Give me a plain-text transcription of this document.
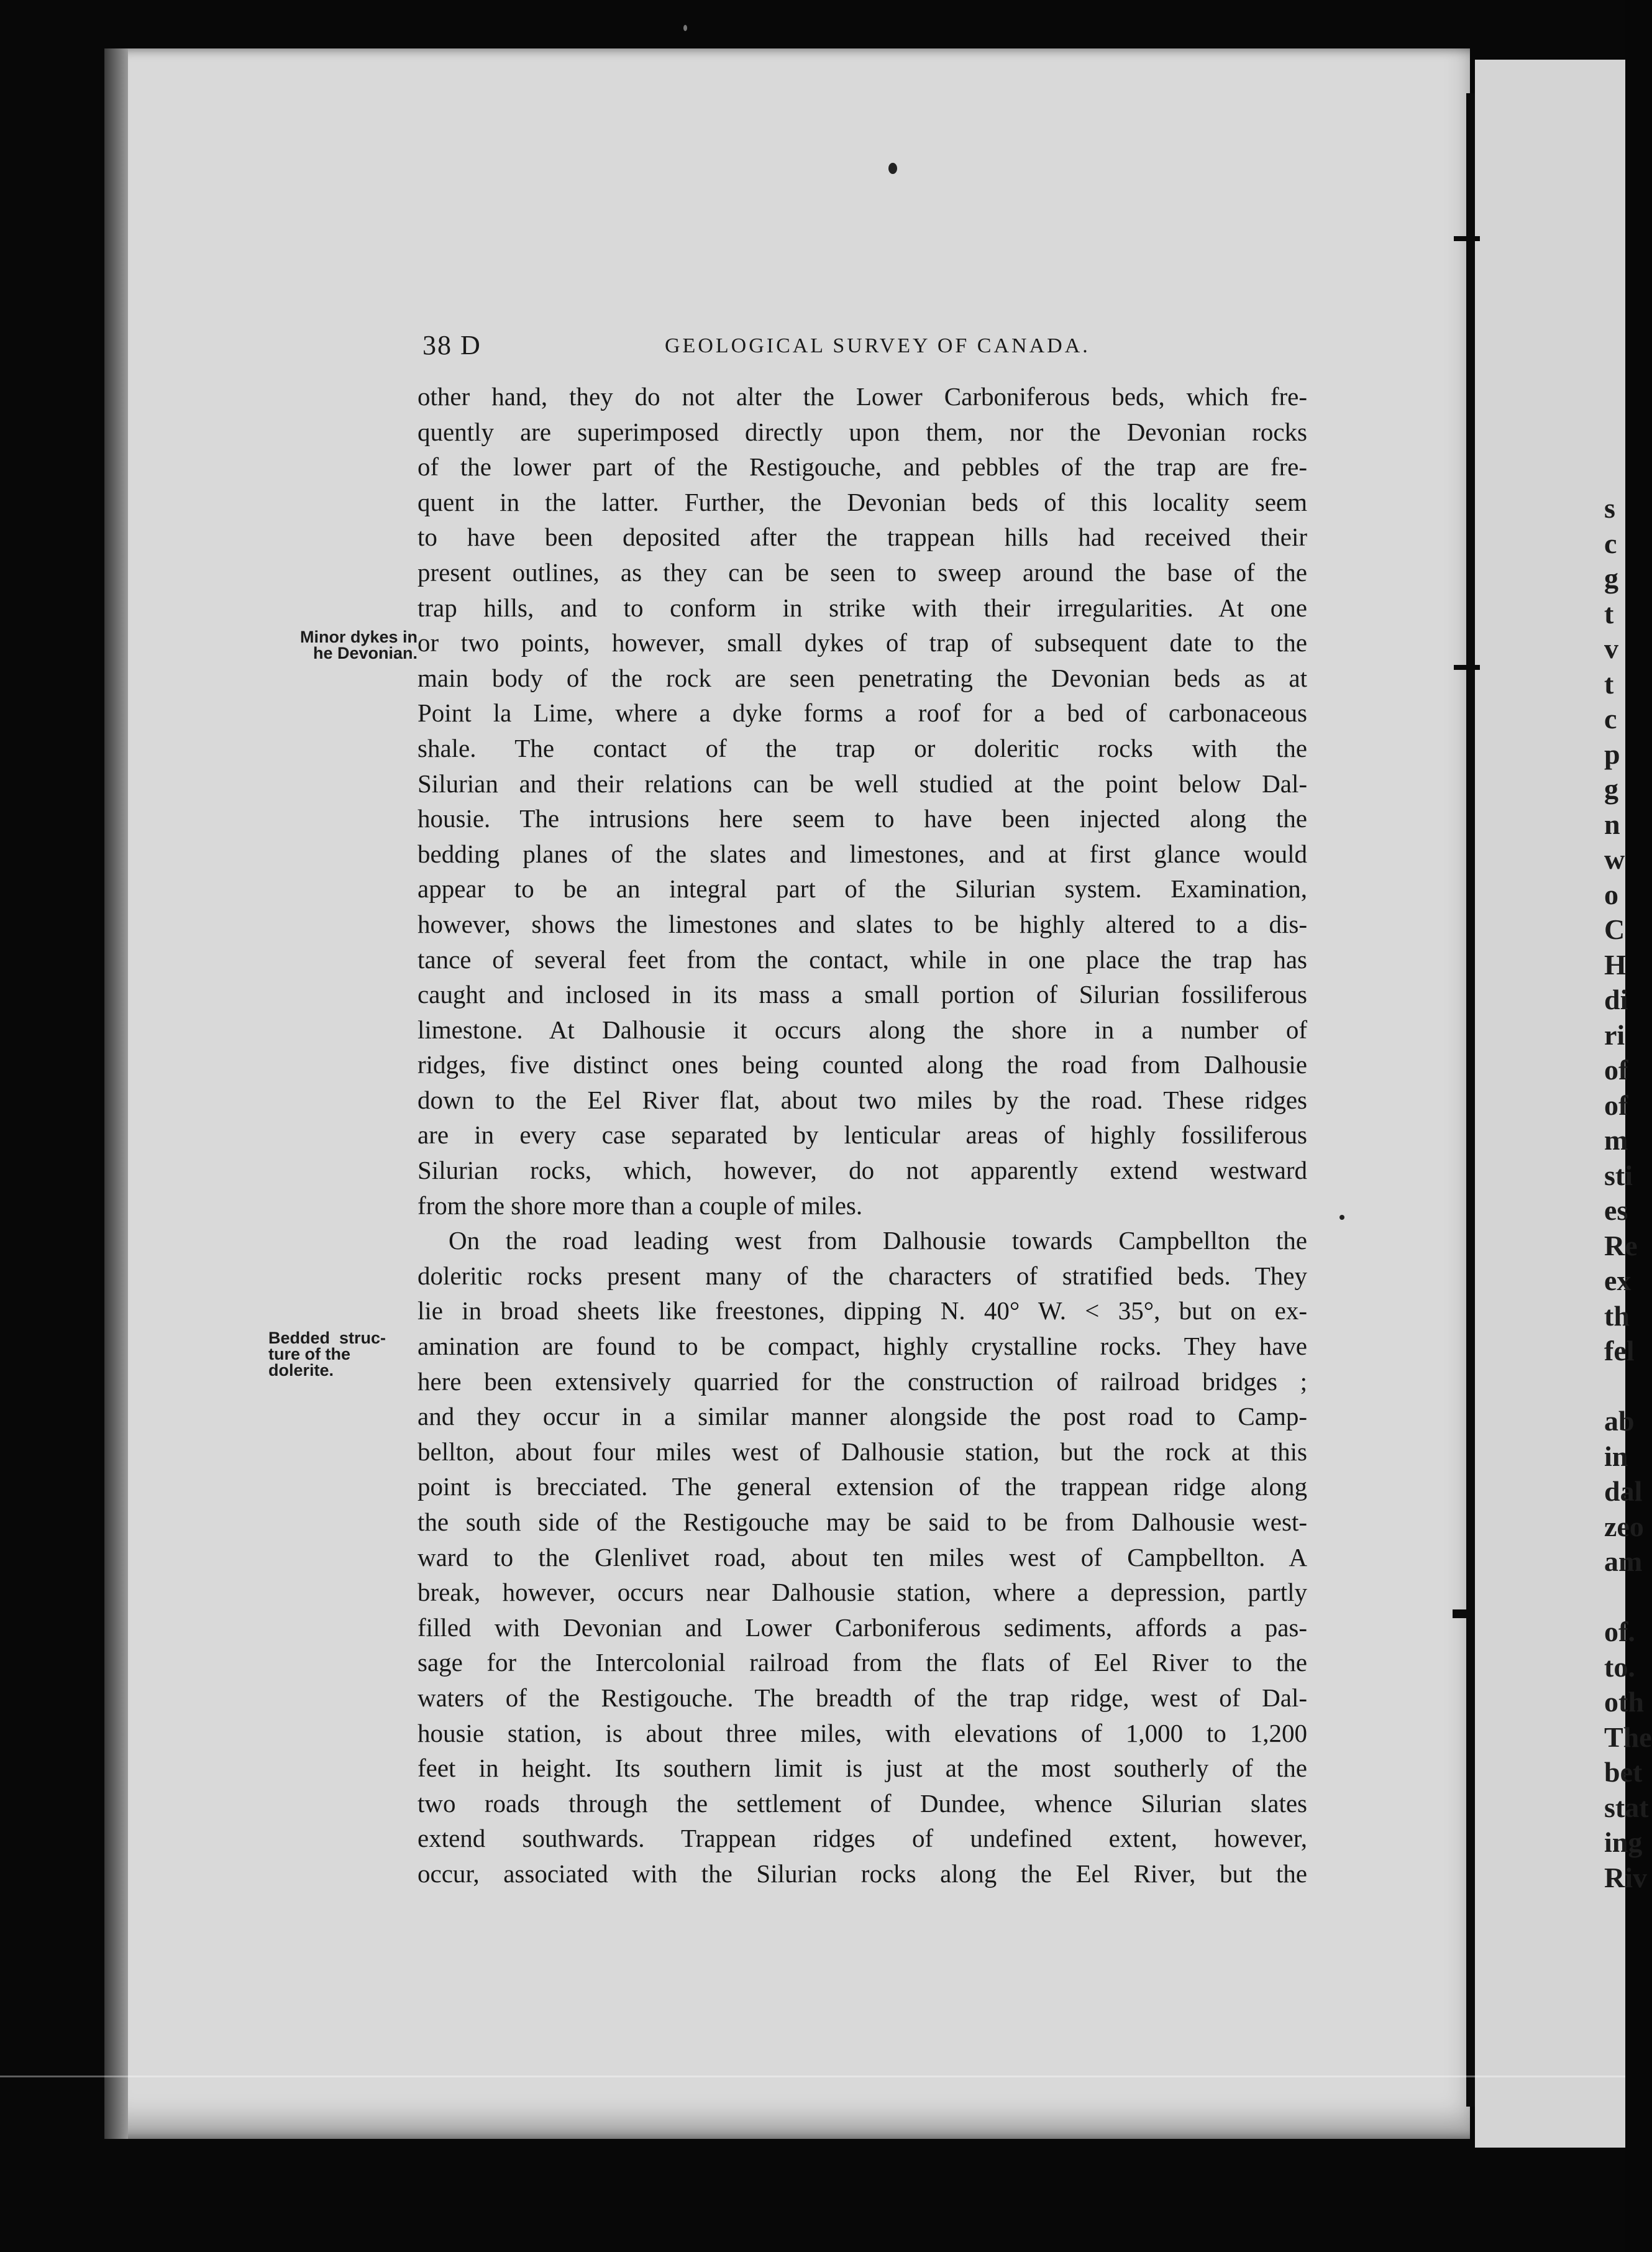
s
c
g
t
v
t
c
p
g
n
w
o
C
H
di
ri
of
of
m
sti
es
Re
ex
th
fel

ab
in
dal
zeo
am

of.
to.
oth
The
bet
stat
ing
Riv
38 D	GEOLOGICAL SURVEY OF CANADA.
Minor dykes in
he Devonian.
Bedded  struc-
ture of the
dolerite.

other hand, they do not alter the Lower Carboniferous beds, which fre-
quently are superimposed directly upon them, nor the Devonian rocks
of the lower part of the Restigouche, and pebbles of the trap are fre-
quent in the latter. Further, the Devonian beds of this locality seem
to have been deposited after the trappean hills had received their
present outlines, as they can be seen to sweep around the base of the
trap hills, and to conform in strike with their irregularities. At one
or two points, however, small dykes of trap of subsequent date to the
main body of the rock are seen penetrating the Devonian beds as at
Point la Lime, where a dyke forms a roof for a bed of carbonaceous
shale. The contact of the trap or doleritic rocks with the
Silurian and their relations can be well studied at the point below Dal-
housie. The intrusions here seem to have been injected along the
bedding planes of the slates and limestones, and at first glance would
appear to be an integral part of the Silurian system. Examination,
however, shows the limestones and slates to be highly altered to a dis-
tance of several feet from the contact, while in one place the trap has
caught and inclosed in its mass a small portion of Silurian fossiliferous
limestone. At Dalhousie it occurs along the shore in a number of
ridges, five distinct ones being counted along the road from Dalhousie
down to the Eel River flat, about two miles by the road. These ridges
are in every case separated by lenticular areas of highly fossiliferous
Silurian rocks, which, however, do not apparently extend westward
from the shore more than a couple of miles.

On the road leading west from Dalhousie towards Campbellton the
doleritic rocks present many of the characters of stratified beds. They
lie in broad sheets like freestones, dipping N. 40° W. < 35°, but on ex-
amination are found to be compact, highly crystalline rocks. They have
here been extensively quarried for the construction of railroad bridges ;
and they occur in a similar manner alongside the post road to Camp-
bellton, about four miles west of Dalhousie station, but the rock at this
point is brecciated. The general extension of the trappean ridge along
the south side of the Restigouche may be said to be from Dalhousie west-
ward to the Glenlivet road, about ten miles west of Campbellton. A
break, however, occurs near Dalhousie station, where a depression, partly
filled with Devonian and Lower Carboniferous sediments, affords a pas-
sage for the Intercolonial railroad from the flats of Eel River to the
waters of the Restigouche. The breadth of the trap ridge, west of Dal-
housie station, is about three miles, with elevations of 1,000 to 1,200
feet in height. Its southern limit is just at the most southerly of the
two roads through the settlement of Dundee, whence Silurian slates
extend southwards. Trappean ridges of undefined extent, however,
occur, associated with the Silurian rocks along the Eel River, but the
